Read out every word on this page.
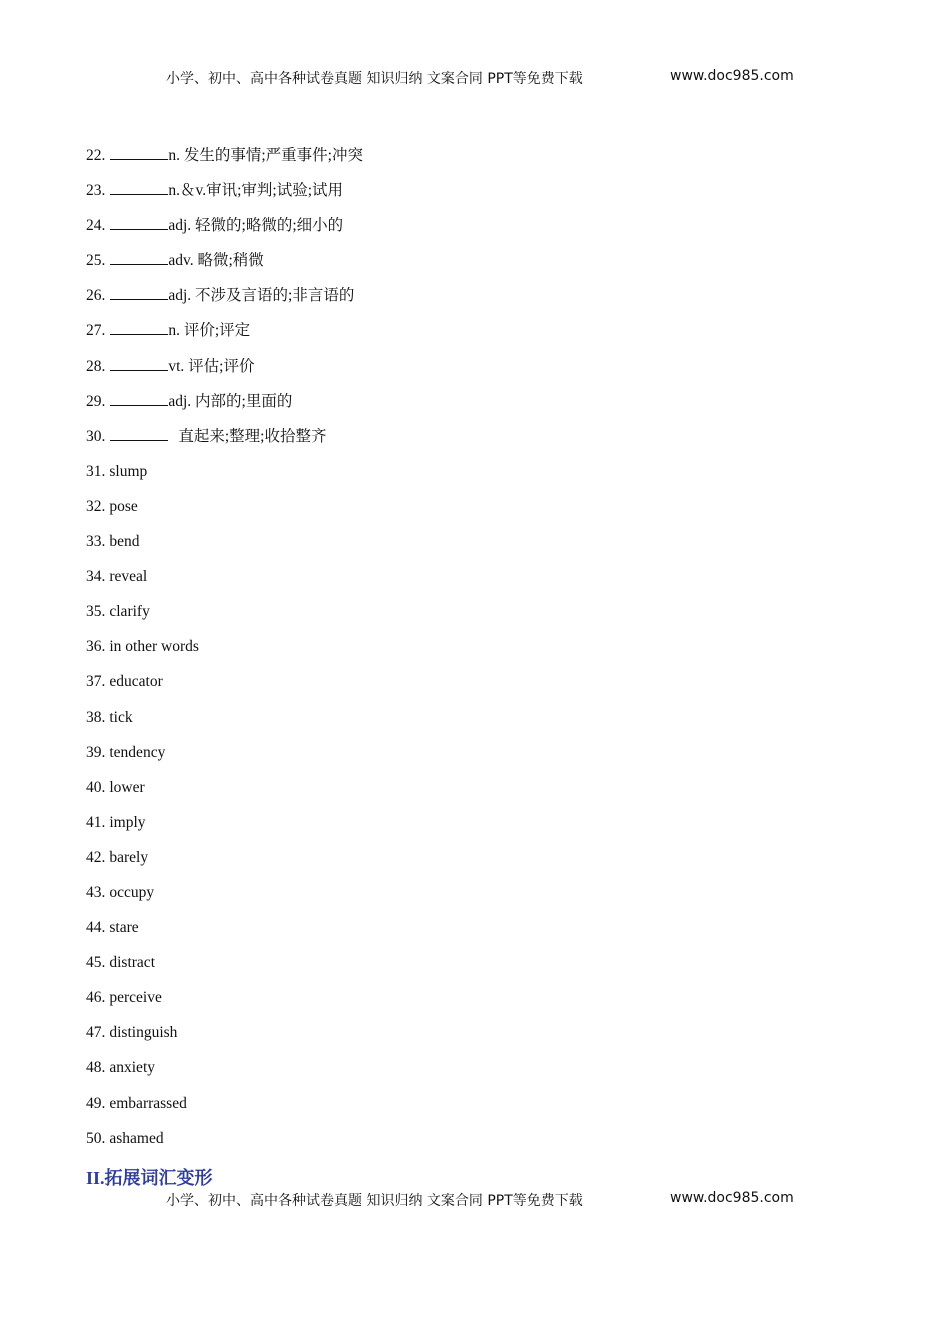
小学、初中、高中各种试卷真题 知识归纳 文案合同 PPT等免费下载	www.doc985.com
22.	n. 发生的事情;严重事件;冲突
23.	n.＆v.审讯;审判;试验;试用
24.	adj. 轻微的;略微的;细小的
25.	adv. 略微;稍微
26.	adj. 不涉及言语的;非言语的
27.	n. 评价;评定
28.	vt. 评估;评价
29.	adj. 内部的;里面的
30.	直起来;整理;收拾整齐
31. slump
32. pose
33. bend
34. reveal
35. clarify
36. in other words
37. educator
38. tick
39. tendency
40. lower
41. imply
42. barely
43. occupy
44. stare
45. distract
46. perceive
47. distinguish
48. anxiety
49. embarrassed
50. ashamed
II.拓展词汇变形
小学、初中、高中各种试卷真题 知识归纳 文案合同 PPT等免费下载	www.doc985.com
